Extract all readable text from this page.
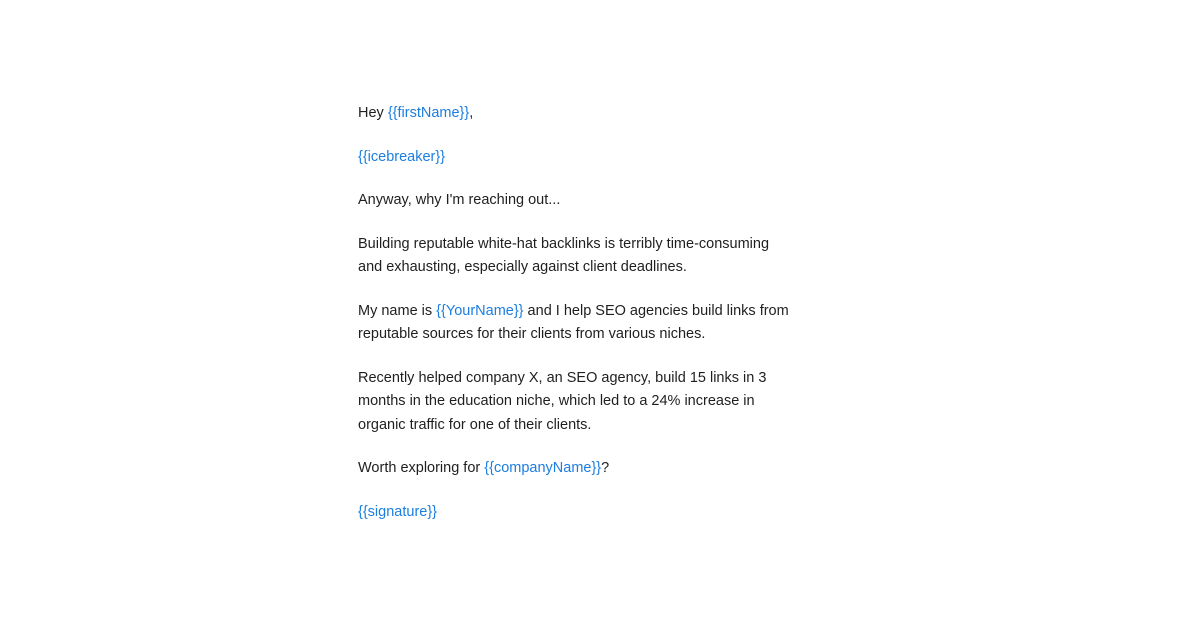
Hey {{firstName}},

{{icebreaker}}

Anyway, why I'm reaching out...

Building reputable white-hat backlinks is terribly time-consuming
and exhausting, especially against client deadlines.

My name is {{YourName}} and I help SEO agencies build links from
reputable sources for their clients from various niches.

Recently helped company X, an SEO agency, build 15 links in 3
months in the education niche, which led to a 24% increase in
organic traffic for one of their clients.

Worth exploring for {{companyName}}?

{{signature}}
